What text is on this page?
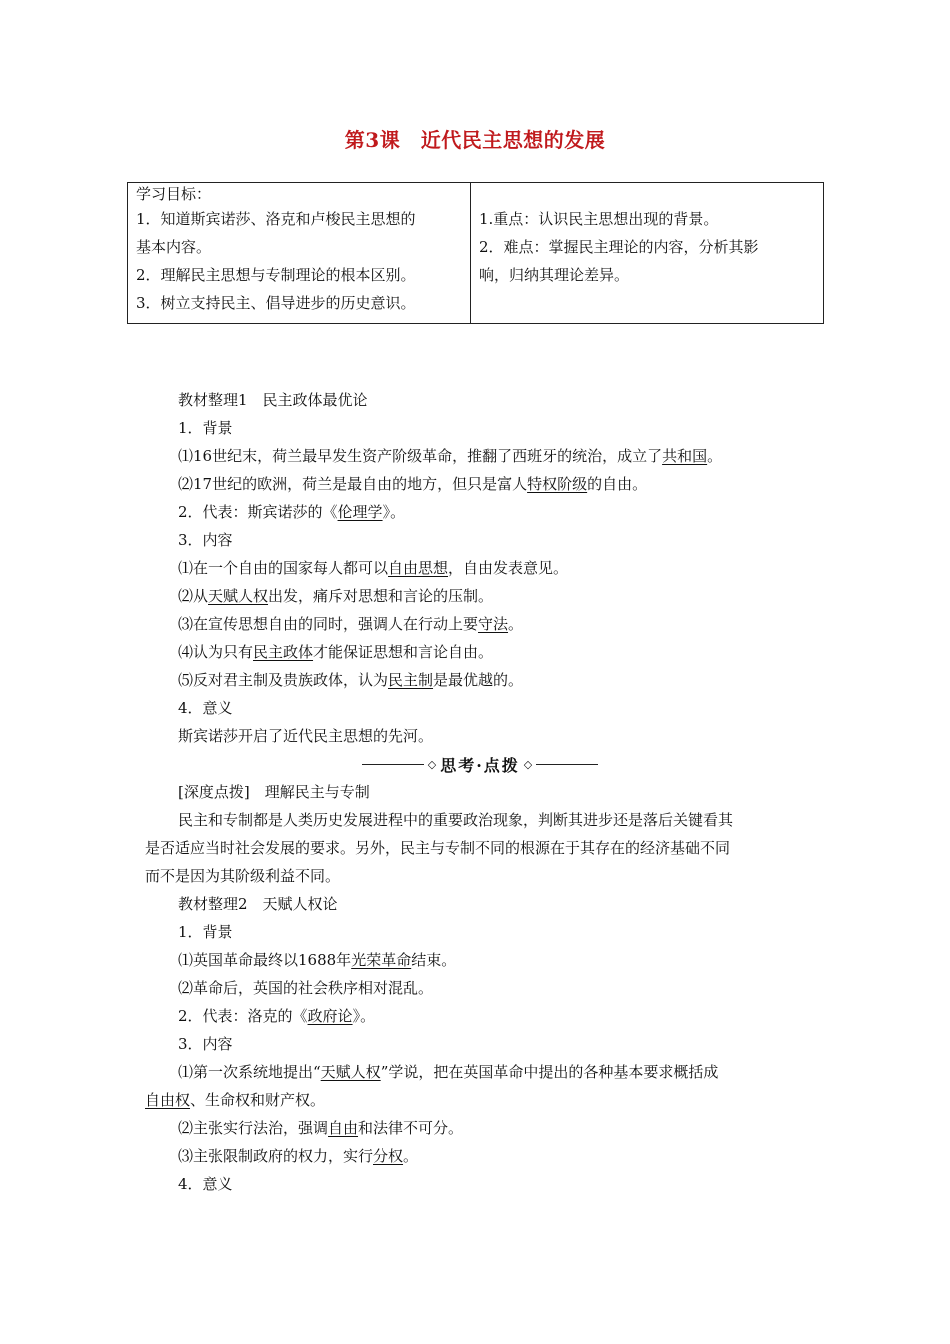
第3课　近代民主思想的发展

学习目标：

1．知道斯宾诺莎、洛克和卢梭民主思想的

基本内容。

2．理解民主思想与专制理论的根本区别。

3．树立支持民主、倡导进步的历史意识。

1.重点：认识民主思想出现的背景。

2．难点：掌握民主理论的内容，分析其影

响，归纳其理论差异。

教材整理1　民主政体最优论

1．背景

⑴16世纪末，荷兰最早发生资产阶级革命，推翻了西班牙的统治，成立了共和国。

⑵17世纪的欧洲，荷兰是最自由的地方，但只是富人特权阶级的自由。

2．代表：斯宾诺莎的《伦理学》。

3．内容

⑴在一个自由的国家每人都可以自由思想，自由发表意见。

⑵从天赋人权出发，痛斥对思想和言论的压制。

⑶在宣传思想自由的同时，强调人在行动上要守法。

⑷认为只有民主政体才能保证思想和言论自由。

⑸反对君主制及贵族政体，认为民主制是最优越的。

4．意义

斯宾诺莎开启了近代民主思想的先河。

◇ 思考·点拨 ◇

[深度点拨]　理解民主与专制

民主和专制都是人类历史发展进程中的重要政治现象，判断其进步还是落后关键看其

是否适应当时社会发展的要求。另外，民主与专制不同的根源在于其存在的经济基础不同

而不是因为其阶级利益不同。

教材整理2　天赋人权论

1．背景

⑴英国革命最终以1688年光荣革命结束。

⑵革命后，英国的社会秩序相对混乱。

2．代表：洛克的《政府论》。

3．内容

⑴第一次系统地提出“天赋人权”学说，把在英国革命中提出的各种基本要求概括成

自由权、生命权和财产权。

⑵主张实行法治，强调自由和法律不可分。

⑶主张限制政府的权力，实行分权。

4．意义
